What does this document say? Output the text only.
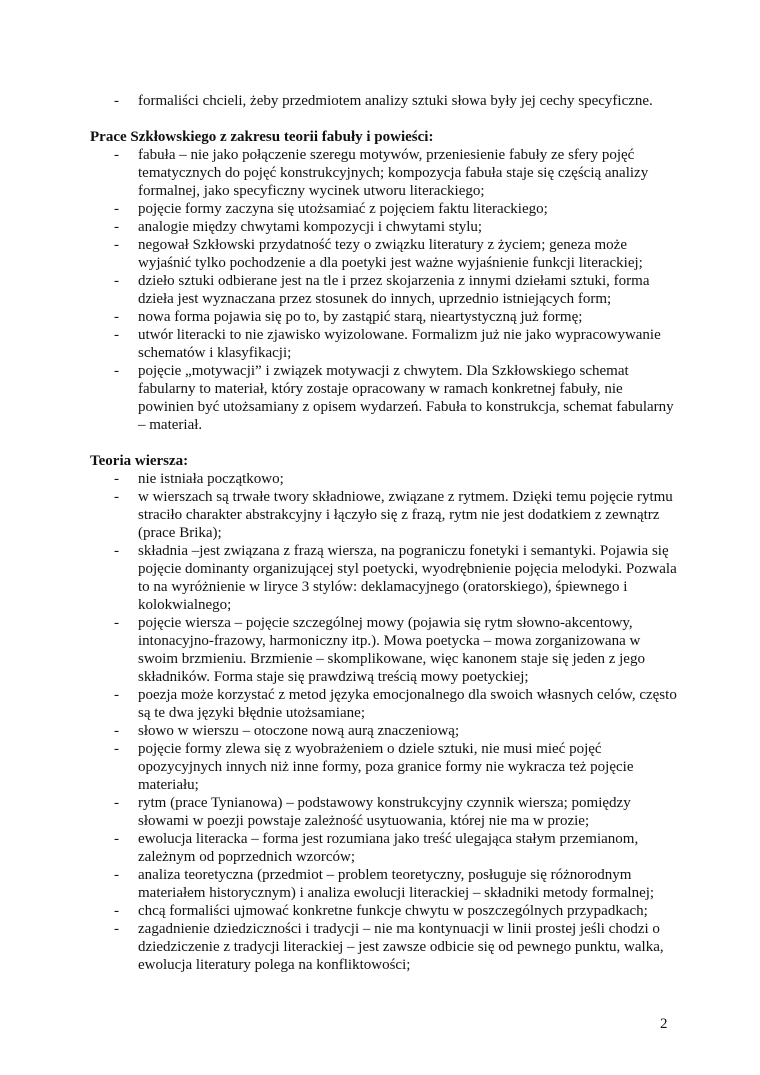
- formaliści chcieli, żeby przedmiotem analizy sztuki słowa były jej cechy specyficzne.

Prace Szkłowskiego z zakresu teorii fabuły i powieści:

- fabuła – nie jako połączenie szeregu motywów, przeniesienie fabuły ze sfery pojęć tematycznych do pojęć konstrukcyjnych; kompozycja fabuła staje się częścią analizy formalnej, jako specyficzny wycinek utworu literackiego;
- pojęcie formy zaczyna się utożsamiać z pojęciem faktu literackiego;
- analogie między chwytami kompozycji i chwytami stylu;
- negował Szkłowski przydatność tezy o związku literatury z życiem; geneza może wyjaśnić tylko pochodzenie a dla poetyki jest ważne wyjaśnienie funkcji literackiej;
- dzieło sztuki odbierane jest na tle i przez skojarzenia z innymi dziełami sztuki, forma dzieła jest wyznaczana przez stosunek do innych, uprzednio istniejących form;
- nowa forma pojawia się po to, by zastąpić starą, nieartystyczną już formę;
- utwór literacki to nie zjawisko wyizolowane. Formalizm już nie jako wypracowywanie schematów i klasyfikacji;
- pojęcie „motywacji” i związek motywacji z chwytem. Dla Szkłowskiego schemat fabularny to materiał, który zostaje opracowany w ramach konkretnej fabuły, nie powinien być utożsamiany z opisem wydarzeń. Fabuła to konstrukcja, schemat fabularny – materiał.

Teoria wiersza:

- nie istniała początkowo;
- w wierszach są trwałe twory składniowe, związane z rytmem. Dzięki temu pojęcie rytmu straciło charakter abstrakcyjny i łączyło się z frazą, rytm nie jest dodatkiem z zewnątrz (prace Brika);
- składnia –jest związana z frazą wiersza, na pograniczu fonetyki i semantyki. Pojawia się pojęcie dominanty organizującej styl poetycki, wyodrębnienie pojęcia melodyki. Pozwala to na wyróżnienie w liryce 3 stylów: deklamacyjnego (oratorskiego), śpiewnego i kolokwialnego;
- pojęcie wiersza – pojęcie szczególnej mowy (pojawia się rytm słowno-akcentowy, intonacyjno-frazowy, harmoniczny itp.). Mowa poetycka – mowa zorganizowana w swoim brzmieniu. Brzmienie – skomplikowane, więc kanonem staje się jeden z jego składników. Forma staje się prawdziwą treścią mowy poetyckiej;
- poezja może korzystać z metod języka emocjonalnego dla swoich własnych celów, często są te dwa języki błędnie utożsamiane;
- słowo w wierszu – otoczone nową aurą znaczeniową;
- pojęcie formy zlewa się z wyobrażeniem o dziele sztuki, nie musi mieć pojęć opozycyjnych innych niż inne formy, poza granice formy nie wykracza też pojęcie materiału;
- rytm (prace Tynianowa) – podstawowy konstrukcyjny czynnik wiersza; pomiędzy słowami w poezji powstaje zależność usytuowania, której nie ma w prozie;
- ewolucja literacka – forma jest rozumiana jako treść ulegająca stałym przemianom, zależnym od poprzednich wzorców;
- analiza teoretyczna (przedmiot – problem teoretyczny, posługuje się różnorodnym materiałem historycznym) i analiza ewolucji literackiej – składniki metody formalnej;
- chcą formaliści ujmować konkretne funkcje chwytu w poszczególnych przypadkach;
- zagadnienie dziedziczności i tradycji – nie ma kontynuacji w linii prostej jeśli chodzi o dziedziczenie z tradycji literackiej – jest zawsze odbicie się od pewnego punktu, walka, ewolucja literatury polega na konfliktowości;
2
